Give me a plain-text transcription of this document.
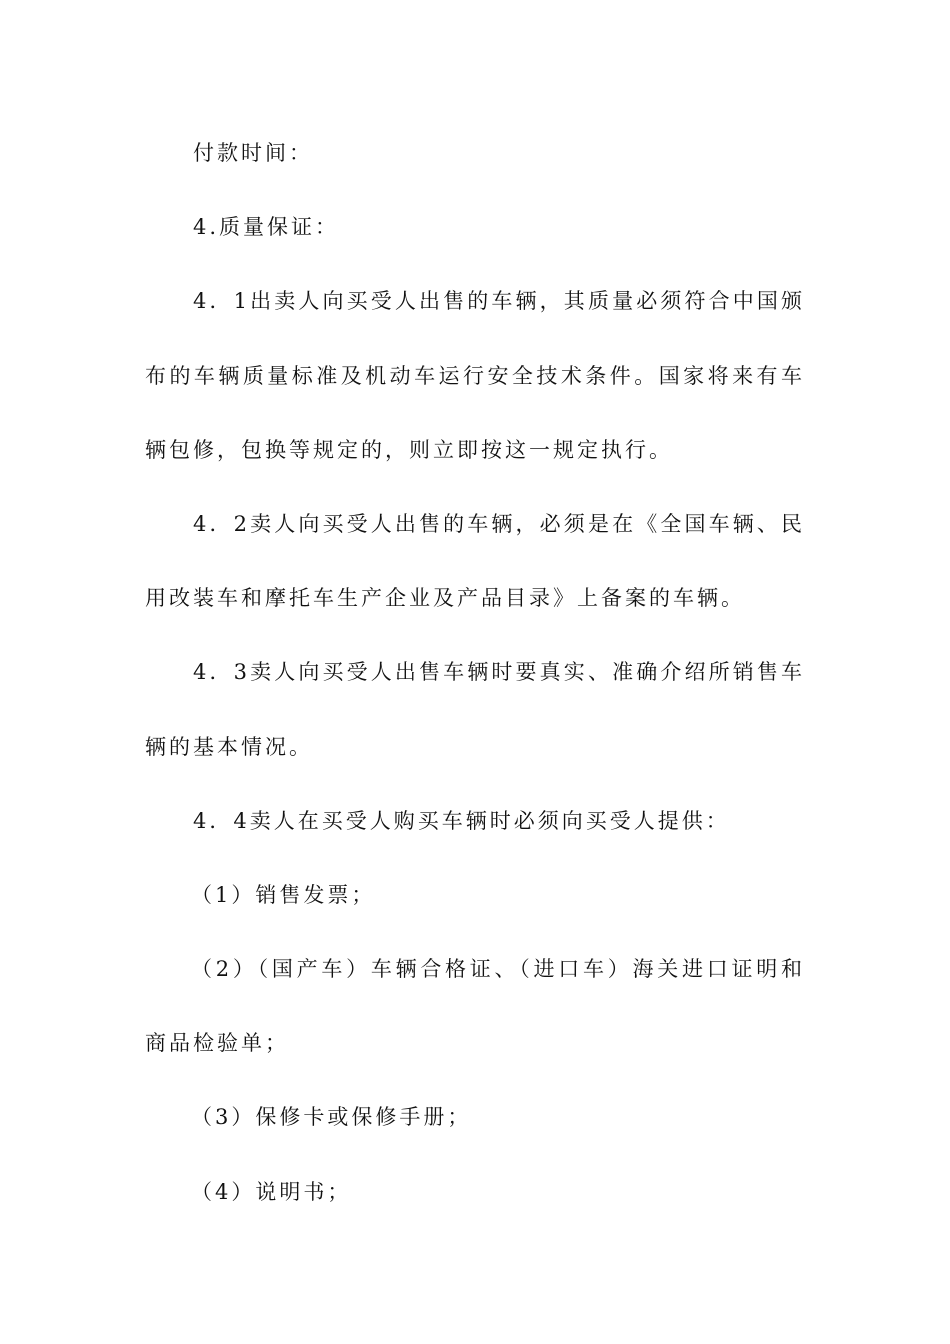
付款时间：
4.质量保证：
4．1出卖人向买受人出售的车辆，其质量必须符合中国颁
布的车辆质量标准及机动车运行安全技术条件。国家将来有车
辆包修，包换等规定的，则立即按这一规定执行。
4．2卖人向买受人出售的车辆，必须是在《全国车辆、民
用改装车和摩托车生产企业及产品目录》上备案的车辆。
4．3卖人向买受人出售车辆时要真实、准确介绍所销售车
辆的基本情况。
4．4卖人在买受人购买车辆时必须向买受人提供：
（1）销售发票；
（2）（国产车）车辆合格证、（进口车）海关进口证明和
商品检验单；
（3）保修卡或保修手册；
（4）说明书；
